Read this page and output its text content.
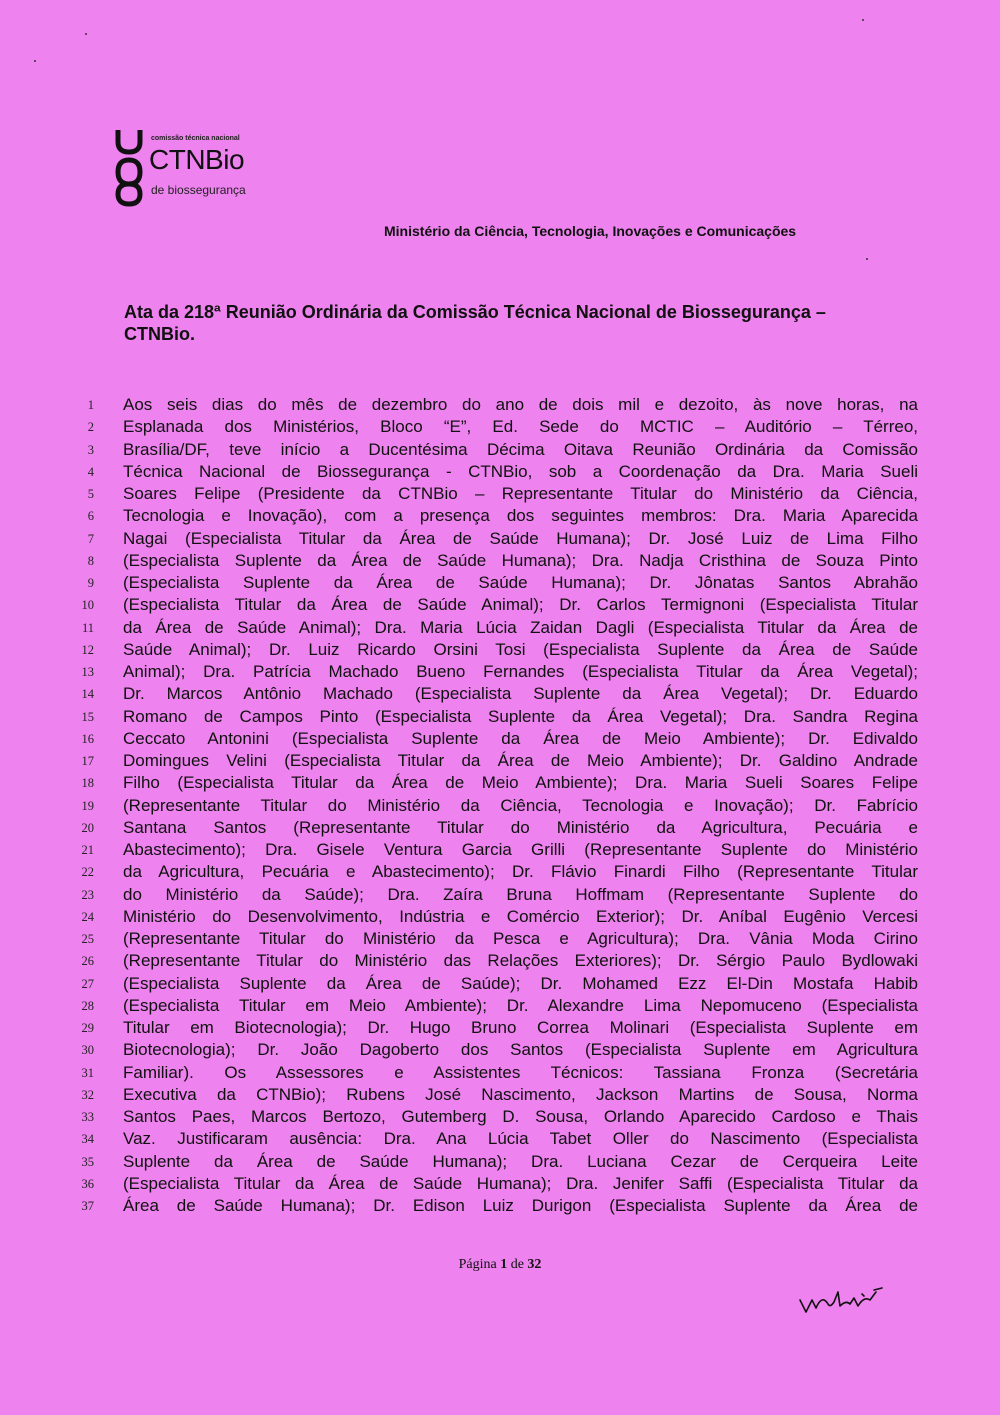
comissão técnica nacional
CTNBio
de biossegurança
Ministério da Ciência, Tecnologia, Inovações e Comunicações
Ata da 218ª Reunião Ordinária da Comissão Técnica Nacional de Biossegurança –
CTNBio.
1 Aos seis dias do mês de dezembro do ano de dois mil e dezoito, às nove horas, na
2 Esplanada dos Ministérios, Bloco “E”, Ed. Sede do MCTIC – Auditório – Térreo,
3 Brasília/DF, teve início a Ducentésima Décima Oitava Reunião Ordinária da Comissão
4 Técnica Nacional de Biossegurança - CTNBio, sob a Coordenação da Dra. Maria Sueli
5 Soares Felipe (Presidente da CTNBio – Representante Titular do Ministério da Ciência,
6 Tecnologia e Inovação), com a presença dos seguintes membros: Dra. Maria Aparecida
7 Nagai (Especialista Titular da Área de Saúde Humana); Dr. José Luiz de Lima Filho
8 (Especialista Suplente da Área de Saúde Humana); Dra. Nadja Cristhina de Souza Pinto
9 (Especialista Suplente da Área de Saúde Humana); Dr. Jônatas Santos Abrahão
10 (Especialista Titular da Área de Saúde Animal); Dr. Carlos Termignoni (Especialista Titular
11 da Área de Saúde Animal); Dra. Maria Lúcia Zaidan Dagli (Especialista Titular da Área de
12 Saúde Animal); Dr. Luiz Ricardo Orsini Tosi (Especialista Suplente da Área de Saúde
13 Animal); Dra. Patrícia Machado Bueno Fernandes (Especialista Titular da Área Vegetal);
14 Dr. Marcos Antônio Machado (Especialista Suplente da Área Vegetal); Dr. Eduardo
15 Romano de Campos Pinto (Especialista Suplente da Área Vegetal); Dra. Sandra Regina
16 Ceccato Antonini (Especialista Suplente da Área de Meio Ambiente); Dr. Edivaldo
17 Domingues Velini (Especialista Titular da Área de Meio Ambiente); Dr. Galdino Andrade
18 Filho (Especialista Titular da Área de Meio Ambiente); Dra. Maria Sueli Soares Felipe
19 (Representante Titular do Ministério da Ciência, Tecnologia e Inovação); Dr. Fabrício
20 Santana Santos (Representante Titular do Ministério da Agricultura, Pecuária e
21 Abastecimento); Dra. Gisele Ventura Garcia Grilli (Representante Suplente do Ministério
22 da Agricultura, Pecuária e Abastecimento); Dr. Flávio Finardi Filho (Representante Titular
23 do Ministério da Saúde); Dra. Zaíra Bruna Hoffmam (Representante Suplente do
24 Ministério do Desenvolvimento, Indústria e Comércio Exterior); Dr. Aníbal Eugênio Vercesi
25 (Representante Titular do Ministério da Pesca e Agricultura); Dra. Vânia Moda Cirino
26 (Representante Titular do Ministério das Relações Exteriores); Dr. Sérgio Paulo Bydlowaki
27 (Especialista Suplente da Área de Saúde); Dr. Mohamed Ezz El-Din Mostafa Habib
28 (Especialista Titular em Meio Ambiente); Dr. Alexandre Lima Nepomuceno (Especialista
29 Titular em Biotecnologia); Dr. Hugo Bruno Correa Molinari (Especialista Suplente em
30 Biotecnologia); Dr. João Dagoberto dos Santos (Especialista Suplente em Agricultura
31 Familiar). Os Assessores e Assistentes Técnicos: Tassiana Fronza (Secretária
32 Executiva da CTNBio); Rubens José Nascimento, Jackson Martins de Sousa, Norma
33 Santos Paes, Marcos Bertozo, Gutemberg D. Sousa, Orlando Aparecido Cardoso e Thais
34 Vaz. Justificaram ausência: Dra. Ana Lúcia Tabet Oller do Nascimento (Especialista
35 Suplente da Área de Saúde Humana); Dra. Luciana Cezar de Cerqueira Leite
36 (Especialista Titular da Área de Saúde Humana); Dra. Jenifer Saffi (Especialista Titular da
37 Área de Saúde Humana); Dr. Edison Luiz Durigon (Especialista Suplente da Área de
Página 1 de 32
